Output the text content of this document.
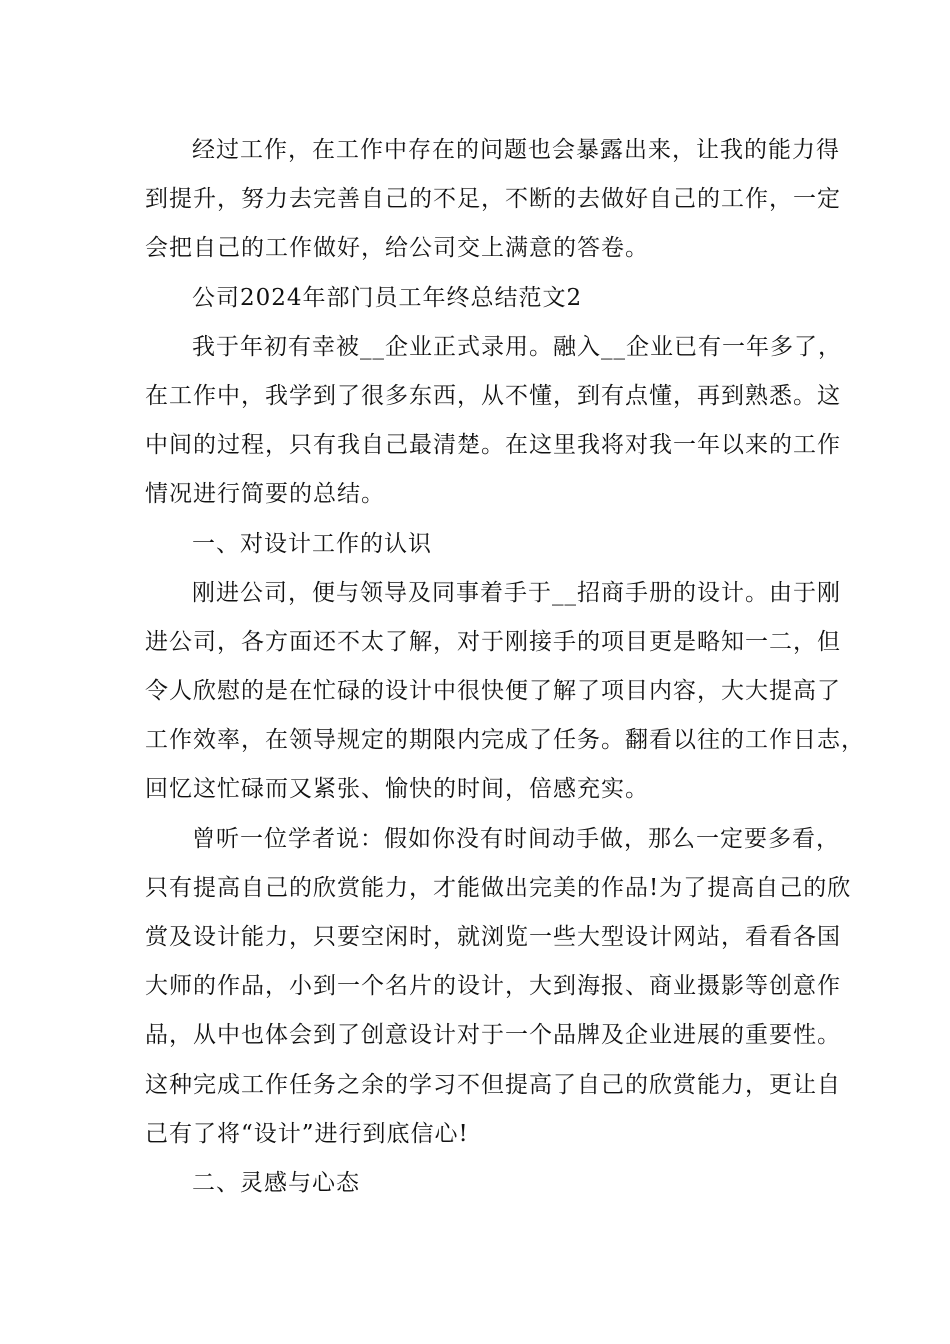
经过工作，在工作中存在的问题也会暴露出来，让我的能力得
到提升，努力去完善自己的不足，不断的去做好自己的工作，一定
会把自己的工作做好，给公司交上满意的答卷。
公司2024年部门员工年终总结范文2
我于年初有幸被__企业正式录用。融入__企业已有一年多了，
在工作中，我学到了很多东西，从不懂，到有点懂，再到熟悉。这
中间的过程，只有我自己最清楚。在这里我将对我一年以来的工作
情况进行简要的总结。
一、对设计工作的认识
刚进公司，便与领导及同事着手于__招商手册的设计。由于刚
进公司，各方面还不太了解，对于刚接手的项目更是略知一二，但
令人欣慰的是在忙碌的设计中很快便了解了项目内容，大大提高了
工作效率，在领导规定的期限内完成了任务。翻看以往的工作日志，
回忆这忙碌而又紧张、愉快的时间，倍感充实。
曾听一位学者说：假如你没有时间动手做，那么一定要多看，
只有提高自己的欣赏能力，才能做出完美的作品!为了提高自己的欣
赏及设计能力，只要空闲时，就浏览一些大型设计网站，看看各国
大师的作品，小到一个名片的设计，大到海报、商业摄影等创意作
品，从中也体会到了创意设计对于一个品牌及企业进展的重要性。
这种完成工作任务之余的学习不但提高了自己的欣赏能力，更让自
己有了将“设计”进行到底信心!
二、灵感与心态
